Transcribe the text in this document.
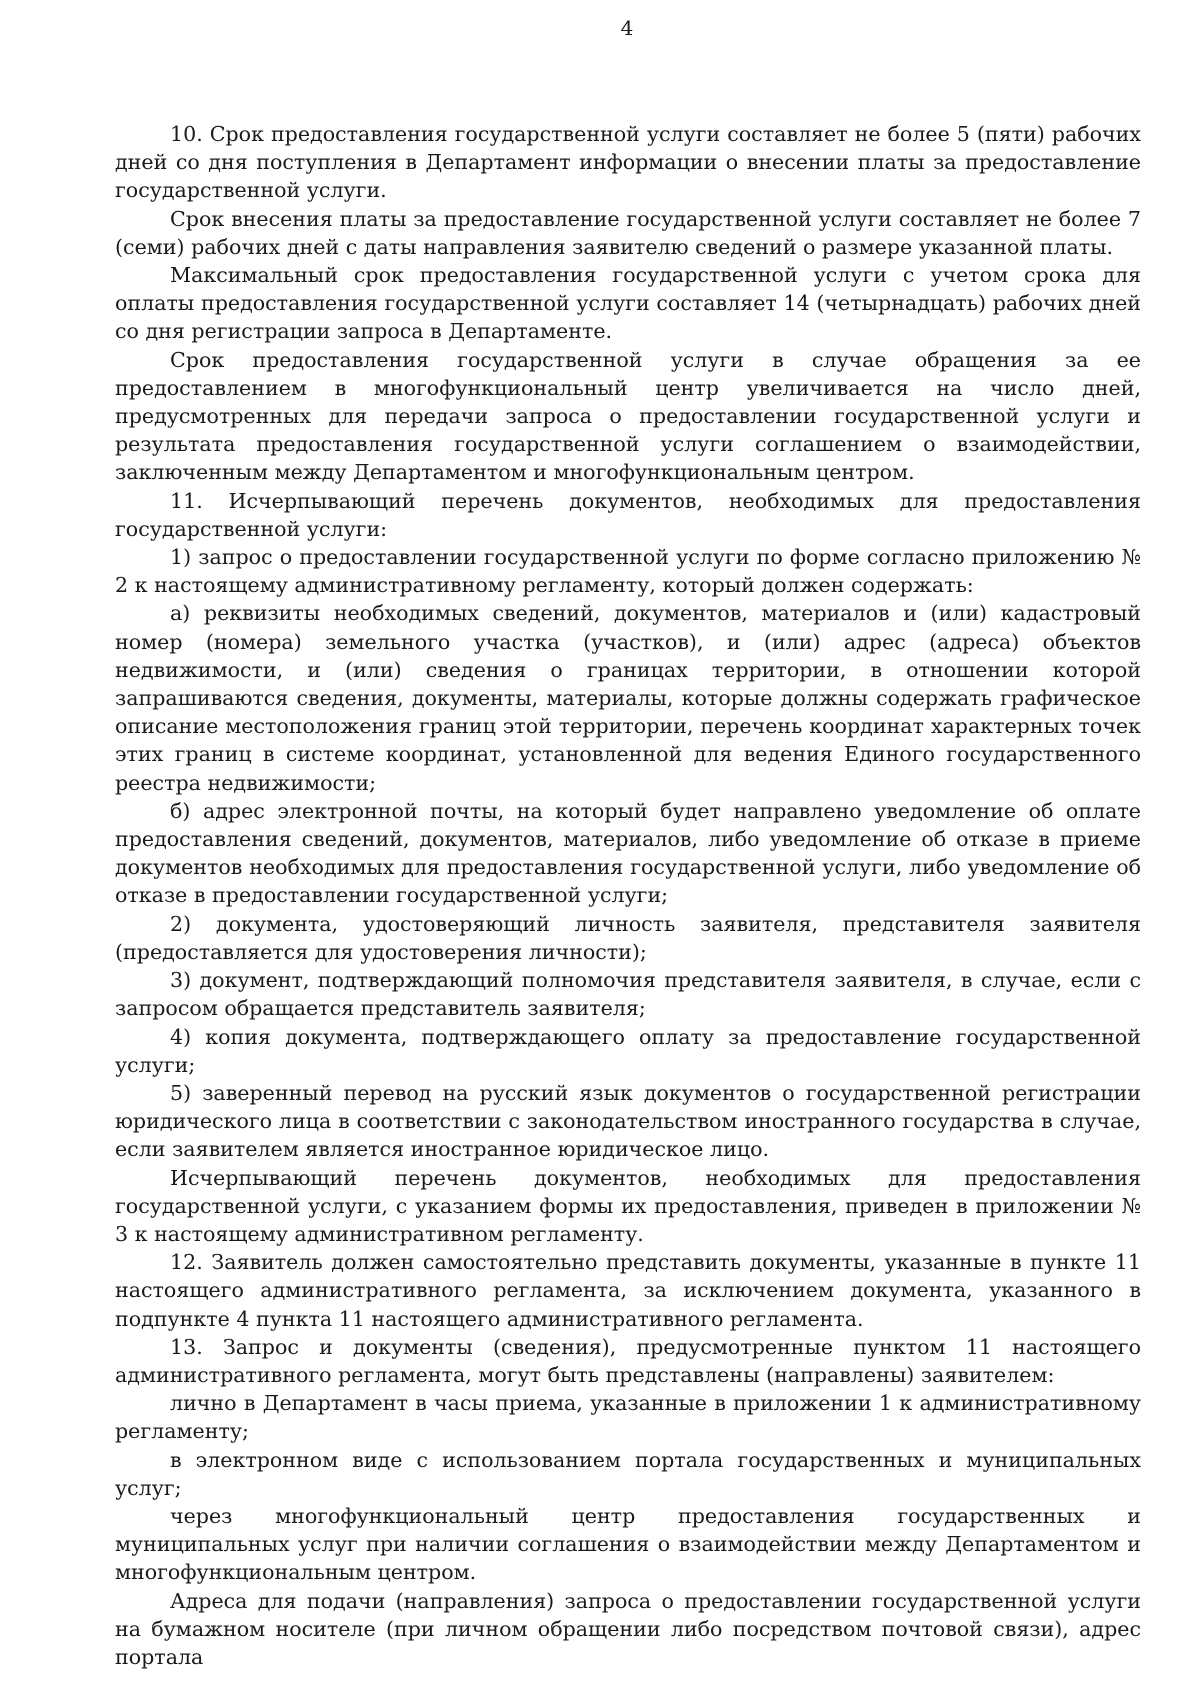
4

10. Срок предоставления государственной услуги составляет не более 5 (пяти) рабочих дней со дня поступления в Департамент информации о внесении платы за предоставление государственной услуги.

Срок внесения платы за предоставление государственной услуги составляет не более 7 (семи) рабочих дней с даты направления заявителю сведений о размере указанной платы.

Максимальный срок предоставления государственной услуги с учетом срока для оплаты предоставления государственной услуги составляет 14 (четырнадцать) рабочих дней со дня регистрации запроса в Департаменте.

Срок предоставления государственной услуги в случае обращения за ее предоставлением в многофункциональный центр увеличивается на число дней, предусмотренных для передачи запроса о предоставлении государственной услуги и результата предоставления государственной услуги соглашением о взаимодействии, заключенным между Департаментом и многофункциональным центром.

11. Исчерпывающий перечень документов, необходимых для предоставления государственной услуги:

1) запрос о предоставлении государственной услуги по форме согласно приложению № 2 к настоящему административному регламенту, который должен содержать:

а) реквизиты необходимых сведений, документов, материалов и (или) кадастровый номер (номера) земельного участка (участков), и (или) адрес (адреса) объектов недвижимости, и (или) сведения о границах территории, в отношении которой запрашиваются сведения, документы, материалы, которые должны содержать графическое описание местоположения границ этой территории, перечень координат характерных точек этих границ в системе координат, установленной для ведения Единого государственного реестра недвижимости;

б) адрес электронной почты, на который будет направлено уведомление об оплате предоставления сведений, документов, материалов, либо уведомление об отказе в приеме документов необходимых для предоставления государственной услуги, либо уведомление об отказе в предоставлении государственной услуги;

2) документа, удостоверяющий личность заявителя, представителя заявителя (предоставляется для удостоверения личности);

3) документ, подтверждающий полномочия представителя заявителя, в случае, если с запросом обращается представитель заявителя;

4) копия документа, подтверждающего оплату за предоставление государственной услуги;

5) заверенный перевод на русский язык документов о государственной регистрации юридического лица в соответствии с законодательством иностранного государства в случае, если заявителем является иностранное юридическое лицо.

Исчерпывающий перечень документов, необходимых для предоставления государственной услуги, с указанием формы их предоставления, приведен в приложении № 3 к настоящему административном регламенту.

12. Заявитель должен самостоятельно представить документы, указанные в пункте 11 настоящего административного регламента, за исключением документа, указанного в подпункте 4 пункта 11 настоящего административного регламента.

13. Запрос и документы (сведения), предусмотренные пунктом 11 настоящего административного регламента, могут быть представлены (направлены) заявителем:

лично в Департамент в часы приема, указанные в приложении 1 к административному регламенту;

в электронном виде с использованием портала государственных и муниципальных услуг;

через многофункциональный центр предоставления государственных и муниципальных услуг при наличии соглашения о взаимодействии между Департаментом и многофункциональным центром.

Адреса для подачи (направления) запроса о предоставлении государственной услуги на бумажном носителе (при личном обращении либо посредством почтовой связи), адрес портала
